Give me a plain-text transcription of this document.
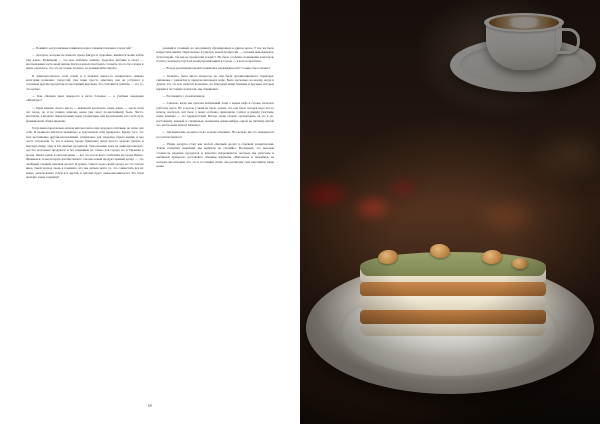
— Помните, когда впервые появилась идея создания полезных сладостей?

— Десерты, которые не наносят вреда фигуре и здоровью, являются моим хобби уже давно. Кулинария — это мое любимое занятие. Здоровое питание и спорт — неотъемлемая часть моей жизни. Когда я начала пробовать готовить что-то без сахара и муки, оказалось, что это не только полезно, но и невероятно вкусно.

Я заинтересовалась этой темой и в поисках какого-то конкретного навыка категории возможно сладостей, уже нами просто заметила, как не уступают в основном другим продуктам по настоящим вкусным, что становится понятно — это то, что нужно.

— Как обычная идея переросла в нечто большее — в учебные заведения «Mondays»?

— Идея именно своего места — выпекали рассказать очень давно — около пяти лет назад, но и не помню записки, какая уже опыт по-настоящему была. Часто, вполсилы, я вводила замечательные идеи, реализация, они вдохновляли и по чуть-чуть формировали общее видение.

Тогда меня параллельно начала интересовать тема здорового питания, но легко для себя. И начинала питаться правильно и чувствовала себя прекрасно. Кроме того, это был несомненно другой-неотразимый, специально для здоровья образа жизни, и мы часто обсуждали то, что в нашем городе буквально негде просто здорово купить и вкусную пищу, одну и без мясных продуктов. Тема везения даже не заинтересовалась: еда без молочных продуктов и без панкейков не только для города, но и Украины в целом. Омлет-гриль и лактозы меню — вот что после вела с ребятами из города Ивано-Франковск, и мы которую вообще ничего, так как новый продукт ценный десерт — это любимый сладкий, ценовой десерт! Я думаю, этим по идее своей города, но это совсем иное, такой подход очень я понимаю, что мы делаем нечто то, что совместить все их меню, делали важно собой и в другой, и для них будет очень-маслинность? Это план наладил очень середину!

далекий и сложный, но она комнату сформировала в единое целое. У нас же было накрестить жизни. Параллельно я училась новой профессии — основам менеджмента, бухгалтерии, так как не профессии и юрист. Но было особенно помещения и методов, потом у помощи услуги на моей рабочий книги в городе — я всех возрастных.

— В ходе реализации проекта появились неожиданности? Сложно было начать?

— Конечно, было много вопросов, но они были организационного характера: связанные с ремонтом и арендом интерьера кофе. Было несколько по-моему, когда в душах, что это всё, кажется возможно, но благодаря моим близким и друзьям, которые верили в постоянно помогали, мы справились.

— Расскажите о своей команде.

— Сначала, когда мы сделали мобильный тощё о новом кафе и строка, началась работать здесь. Но в целом у меня не было задачи, что она была лотерея надо что-то искать, наоборот, всё было у меня особенно приходили. Сейчас и вперёд участник, наша команда — это переработчик! Всегда очень сложно организовать её, но я по-настоящему каждый и специально маленькие какие-нибудь одной на пятницу-любой что настроение любое! Mondays.

— Органические десерты стоят дороже обычных. На сколько им это оправдается на успехи бизнеса?

— Наши десерты стоят как любой обычный десерт в обычной кондитерской. Такую политику компании мы выбрали не случайно. Во-первых, это высокая стоимость входных продуктов и качество ингредиентов, которые мы работаем и выбираем прекрасно доставляют обычные варианты «Наполеон» и чизкейков, не которые мы находим, что это в состоянии своих, мы реализуем этих выставили такие цены.

68
